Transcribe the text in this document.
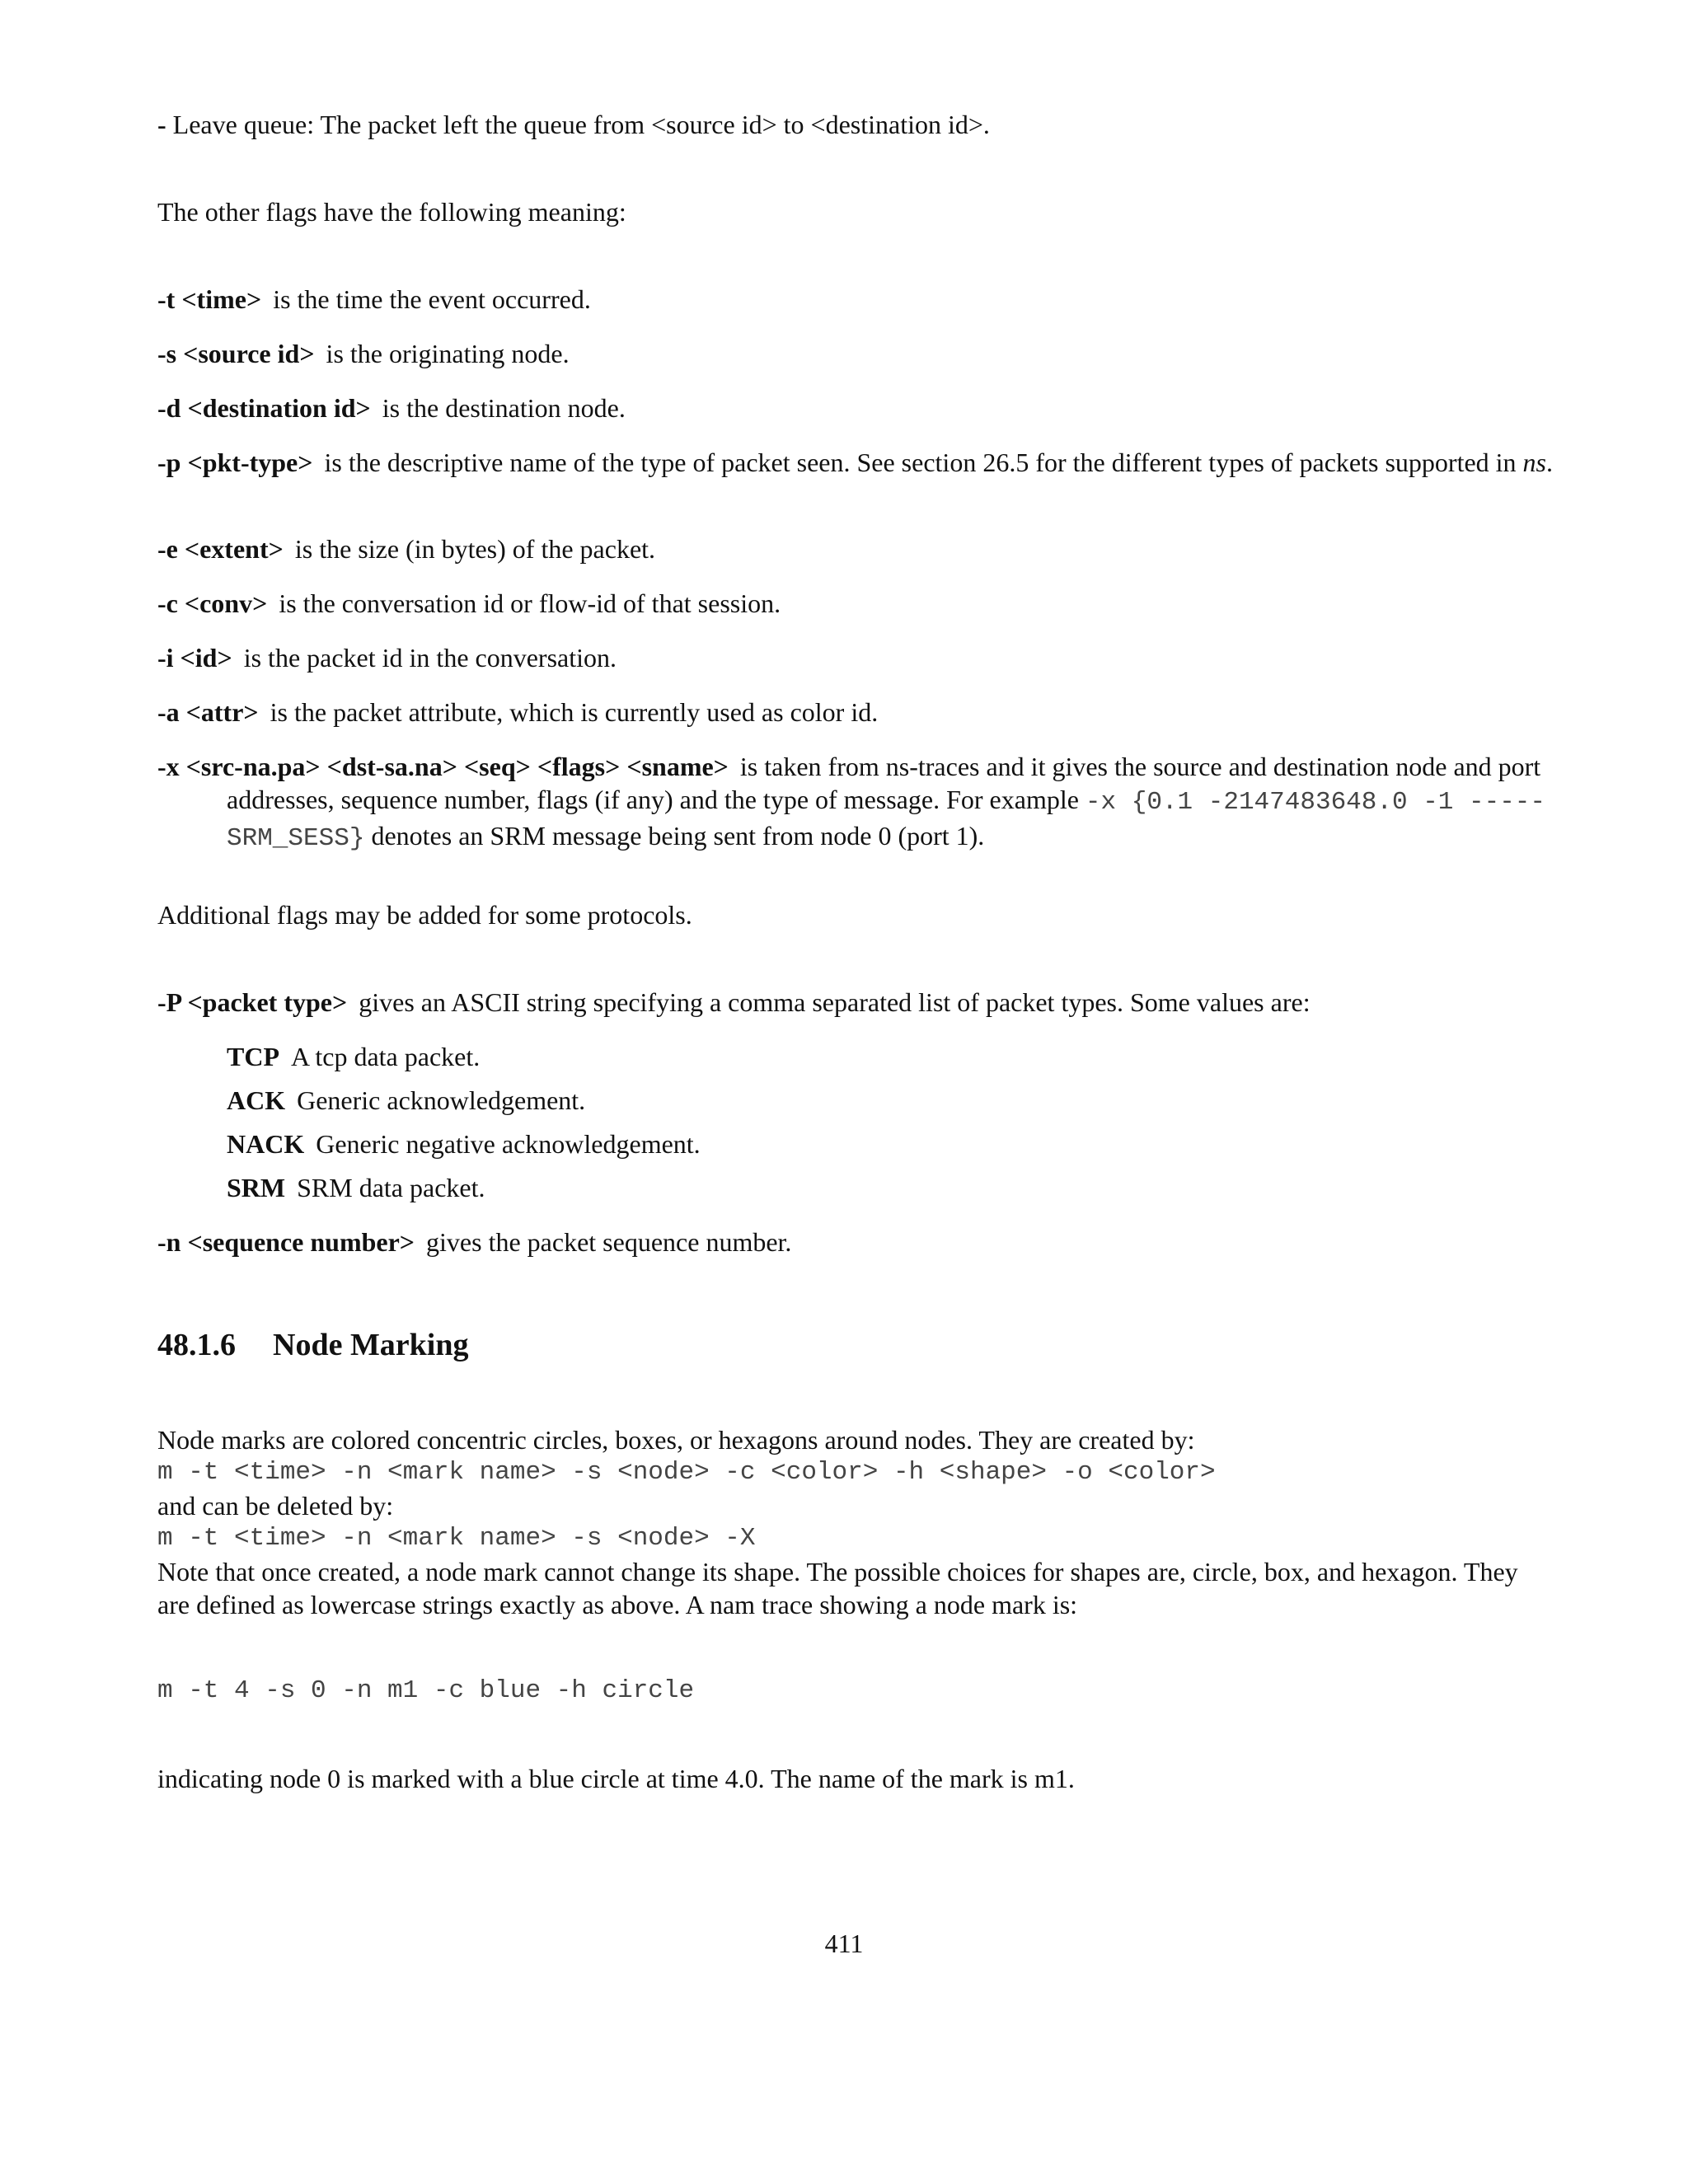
- Leave queue: The packet left the queue from <source id> to <destination id>.
The other flags have the following meaning:
-t <time> is the time the event occurred.
-s <source id> is the originating node.
-d <destination id> is the destination node.
-p <pkt-type> is the descriptive name of the type of packet seen. See section 26.5 for the different types of packets supported in ns.
-e <extent> is the size (in bytes) of the packet.
-c <conv> is the conversation id or flow-id of that session.
-i <id> is the packet id in the conversation.
-a <attr> is the packet attribute, which is currently used as color id.
-x <src-na.pa> <dst-sa.na> <seq> <flags> <sname> is taken from ns-traces and it gives the source and destination node and port addresses, sequence number, flags (if any) and the type of message. For example -x {0.1 -2147483648.0 -1 ----- SRM_SESS} denotes an SRM message being sent from node 0 (port 1).
Additional flags may be added for some protocols.
-P <packet type> gives an ASCII string specifying a comma separated list of packet types. Some values are:
TCP A tcp data packet.
ACK Generic acknowledgement.
NACK Generic negative acknowledgement.
SRM SRM data packet.
-n <sequence number> gives the packet sequence number.
48.1.6 Node Marking
Node marks are colored concentric circles, boxes, or hexagons around nodes. They are created by:
m -t <time> -n <mark name> -s <node> -c <color> -h <shape> -o <color>
and can be deleted by:
m -t <time> -n <mark name> -s <node> -X
Note that once created, a node mark cannot change its shape. The possible choices for shapes are, circle, box, and hexagon. They are defined as lowercase strings exactly as above. A nam trace showing a node mark is:
m -t 4 -s 0 -n m1 -c blue -h circle
indicating node 0 is marked with a blue circle at time 4.0. The name of the mark is m1.
411
